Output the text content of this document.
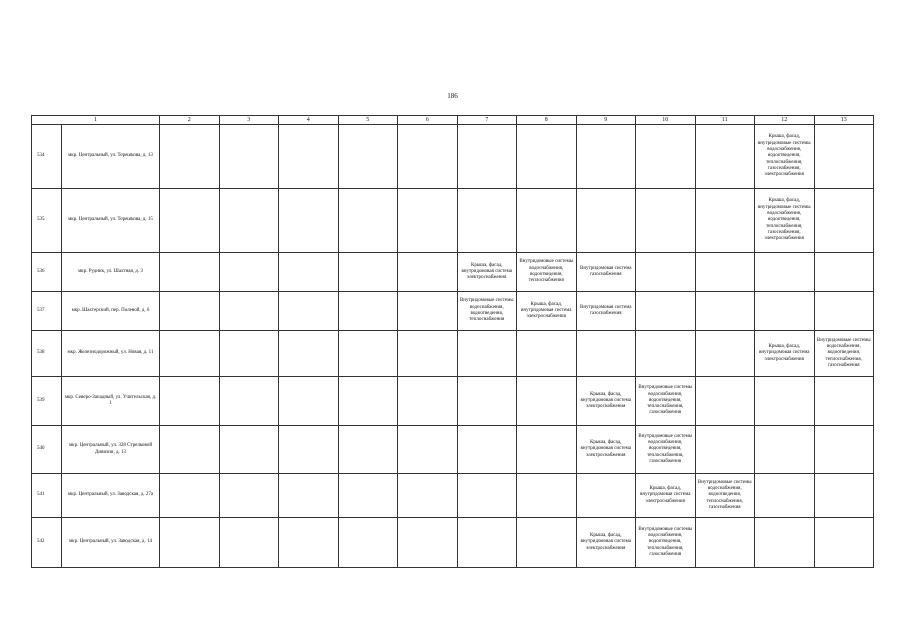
186
1		2	3	4	5	6	7	8	9	10	11	12	13
534	мкр. Центральный, ул. Терешкова, д. 13											Крыша, фасад, внутридомовые системы водоснабжения, водоотведения, теплоснабжения, газоснабжения, электроснабжения	
535	мкр. Центральный, ул. Терешкова, д. 15											Крыша, фасад, внутридомовые системы водоснабжения, водоотведения, теплоснабжения, газоснабжения, электроснабжения	
536	мкр. Рудник, ул. Шахтная, д. 3						Крыша, фасад, внутридомовая система электроснабжения	Внутридомовые системы водоснабжения, водоотведения, теплоснабжения	Внутридомовая система газоснабжения				
537	мкр. Шахтерский, пер. Полевой, д. 6						Внутридомовые системы водоснабжения, водоотведения, теплоснабжения	Крыша, фасад, внутридомовая система электроснабжения	Внутридомовая система газоснабжения				
538	мкр. Железнодорожный, ул. Новая, д. 11											Крыша, фасад, внутридомовая система электроснабжения	Внутридомовые системы водоснабжения, водоотведения, теплоснабжения, газоснабжения
539	мкр. Северо-Западный, ул. Учительская, д. 1								Крыша, фасад, внутридомовая система электроснабжения	Внутридомовые системы водоснабжения, водоотведения, теплоснабжения, газоснабжения			
540	мкр. Центральный, ул. 328 Стрелковой Дивизии, д. 13								Крыша, фасад, внутридомовая система электроснабжения	Внутридомовые системы водоснабжения, водоотведения, теплоснабжения, газоснабжения			
541	мкр. Центральный, ул. Заводская, д. 27а									Крыша, фасад, внутридомовая система электроснабжения	Внутридомовые системы водоснабжения, водоотведения, теплоснабжения, газоснабжения		
542	мкр. Центральный, ул. Заводская, д. 14								Крыша, фасад, внутридомовая система электроснабжения	Внутридомовые системы водоснабжения, водоотведения, теплоснабжения, газоснабжения			
